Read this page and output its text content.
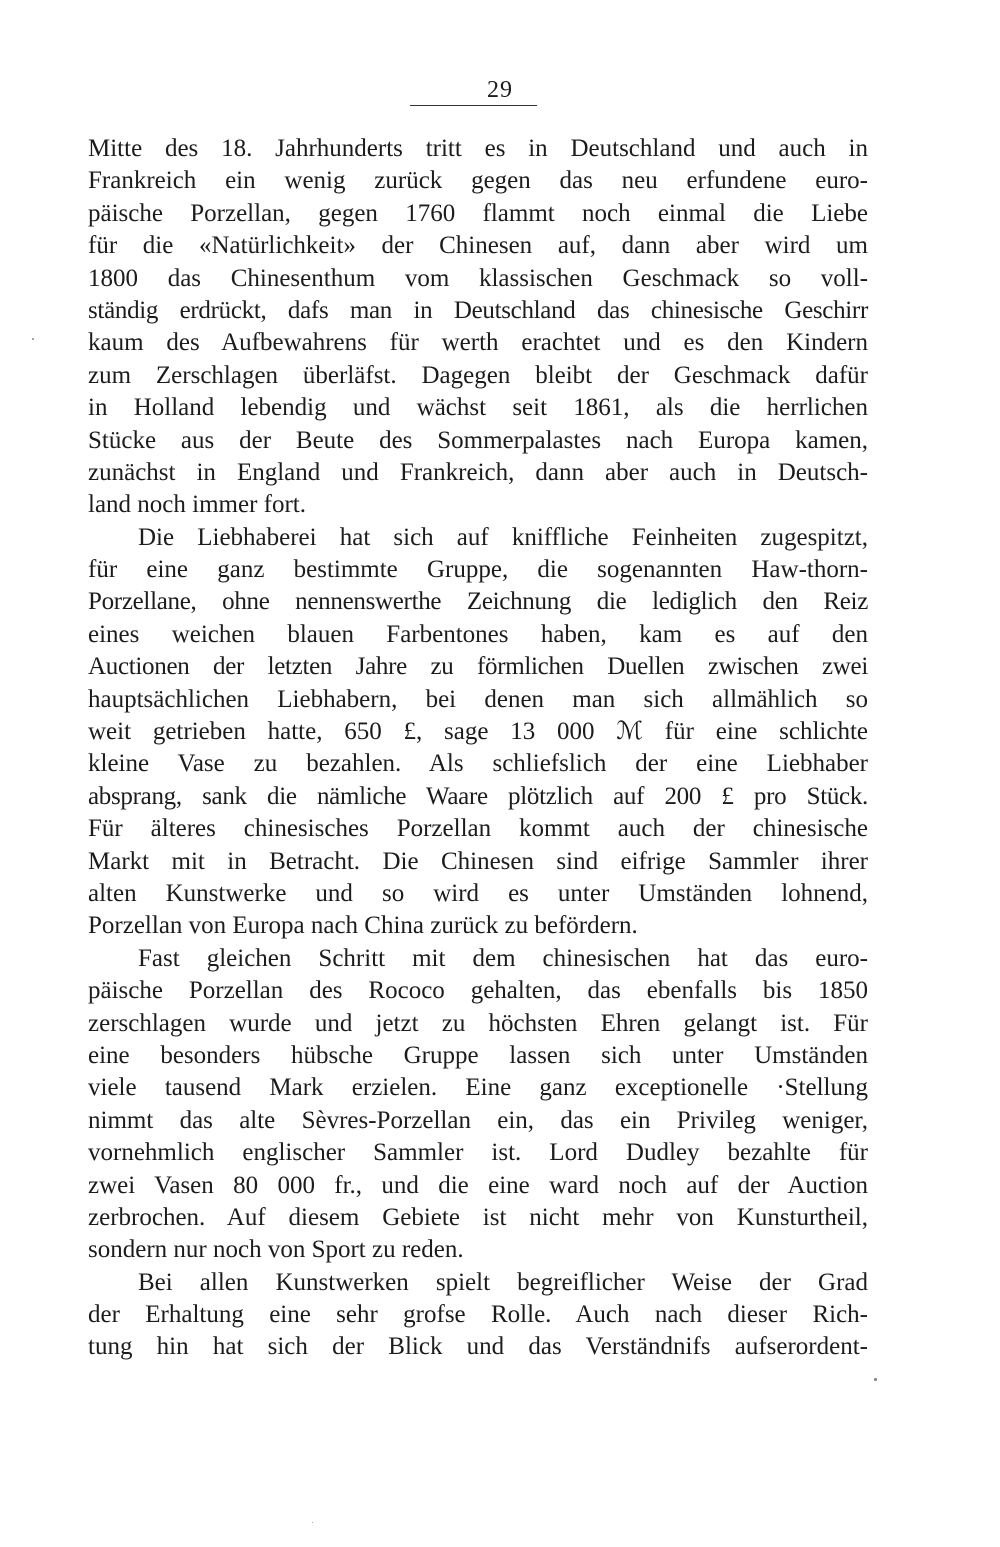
29
Mitte des 18. Jahrhunderts tritt es in Deutschland und auch in
Frankreich ein wenig zurück gegen das neu erfundene euro-
päische Porzellan, gegen 1760 flammt noch einmal die Liebe
für die «Natürlichkeit» der Chinesen auf, dann aber wird um
1800 das Chinesenthum vom klassischen Geschmack so voll-
ständig erdrückt, dafs man in Deutschland das chinesische Geschirr
kaum des Aufbewahrens für werth erachtet und es den Kindern
zum Zerschlagen überläfst. Dagegen bleibt der Geschmack dafür
in Holland lebendig und wächst seit 1861, als die herrlichen
Stücke aus der Beute des Sommerpalastes nach Europa kamen,
zunächst in England und Frankreich, dann aber auch in Deutsch-
land noch immer fort.
Die Liebhaberei hat sich auf kniffliche Feinheiten zugespitzt,
für eine ganz bestimmte Gruppe, die sogenannten Haw-thorn-
Porzellane, ohne nennenswerthe Zeichnung die lediglich den Reiz
eines weichen blauen Farbentones haben, kam es auf den
Auctionen der letzten Jahre zu förmlichen Duellen zwischen zwei
hauptsächlichen Liebhabern, bei denen man sich allmählich so
weit getrieben hatte, 650 £, sage 13 000 ℳ für eine schlichte
kleine Vase zu bezahlen. Als schliefslich der eine Liebhaber
absprang, sank die nämliche Waare plötzlich auf 200 £ pro Stück.
Für älteres chinesisches Porzellan kommt auch der chinesische
Markt mit in Betracht. Die Chinesen sind eifrige Sammler ihrer
alten Kunstwerke und so wird es unter Umständen lohnend,
Porzellan von Europa nach China zurück zu befördern.
Fast gleichen Schritt mit dem chinesischen hat das euro-
päische Porzellan des Rococo gehalten, das ebenfalls bis 1850
zerschlagen wurde und jetzt zu höchsten Ehren gelangt ist. Für
eine besonders hübsche Gruppe lassen sich unter Umständen
viele tausend Mark erzielen. Eine ganz exceptionelle ·Stellung
nimmt das alte Sèvres-Porzellan ein, das ein Privileg weniger,
vornehmlich englischer Sammler ist. Lord Dudley bezahlte für
zwei Vasen 80 000 fr., und die eine ward noch auf der Auction
zerbrochen. Auf diesem Gebiete ist nicht mehr von Kunsturtheil,
sondern nur noch von Sport zu reden.
Bei allen Kunstwerken spielt begreiflicher Weise der Grad
der Erhaltung eine sehr grofse Rolle. Auch nach dieser Rich-
tung hin hat sich der Blick und das Verständnifs aufserordent-
